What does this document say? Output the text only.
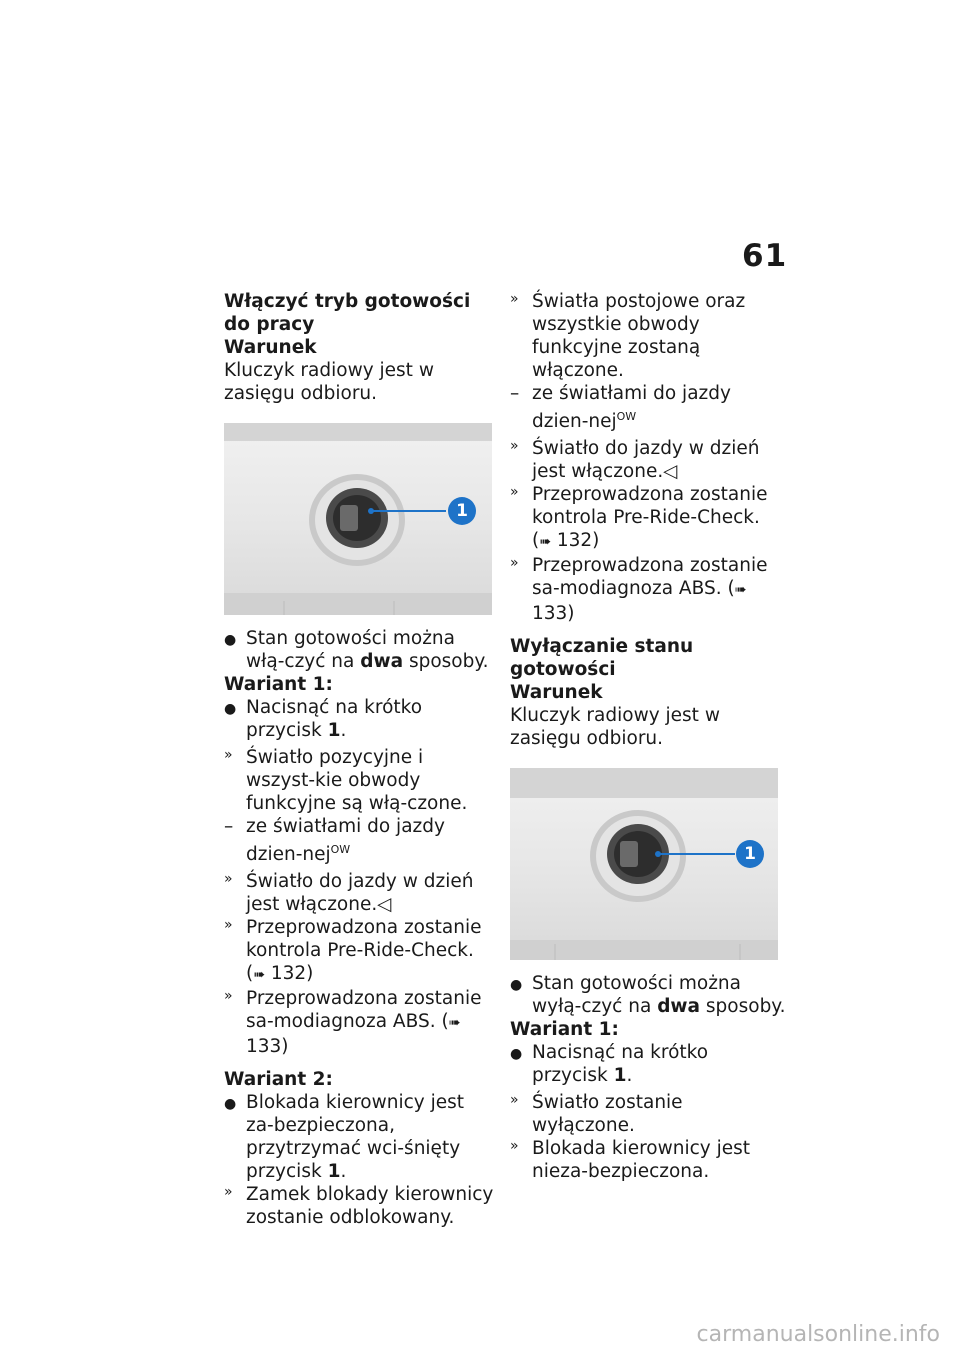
61
Włączyć tryb gotowości do pracy
Warunek
Kluczyk radiowy jest w zasięgu odbioru.
1
● Stan gotowości można włą-czyć na dwa sposoby.
Wariant 1:
● Nacisnąć na krótko przycisk 1.
» Światło pozycyjne i wszyst-kie obwody funkcyjne są włą-czone.
– ze światłami do jazdy dzien-nej$^{OW}$
» Światło do jazdy w dzień jest włączone.◁
» Przeprowadzona zostanie kontrola Pre-Ride-Check.
(➠ 132)
» Przeprowadzona zostanie sa-modiagnoza ABS. (➠ 133)
Wariant 2:
● Blokada kierownicy jest za-bezpieczona, przytrzymać wci-śnięty przycisk 1.
» Zamek blokady kierownicy zostanie odblokowany.
» Światła postojowe oraz wszystkie obwody funkcyjne zostaną włączone.
– ze światłami do jazdy dzien-nej$^{OW}$
» Światło do jazdy w dzień jest włączone.◁
» Przeprowadzona zostanie kontrola Pre-Ride-Check.
(➠ 132)
» Przeprowadzona zostanie sa-modiagnoza ABS. (➠ 133)
Wyłączanie stanu gotowości
Warunek
Kluczyk radiowy jest w zasięgu odbioru.
1
● Stan gotowości można wyłą-czyć na dwa sposoby.
Wariant 1:
● Nacisnąć na krótko przycisk 1.
» Światło zostanie wyłączone.
» Blokada kierownicy jest nieza-bezpieczona.
carmanualsonline.info
